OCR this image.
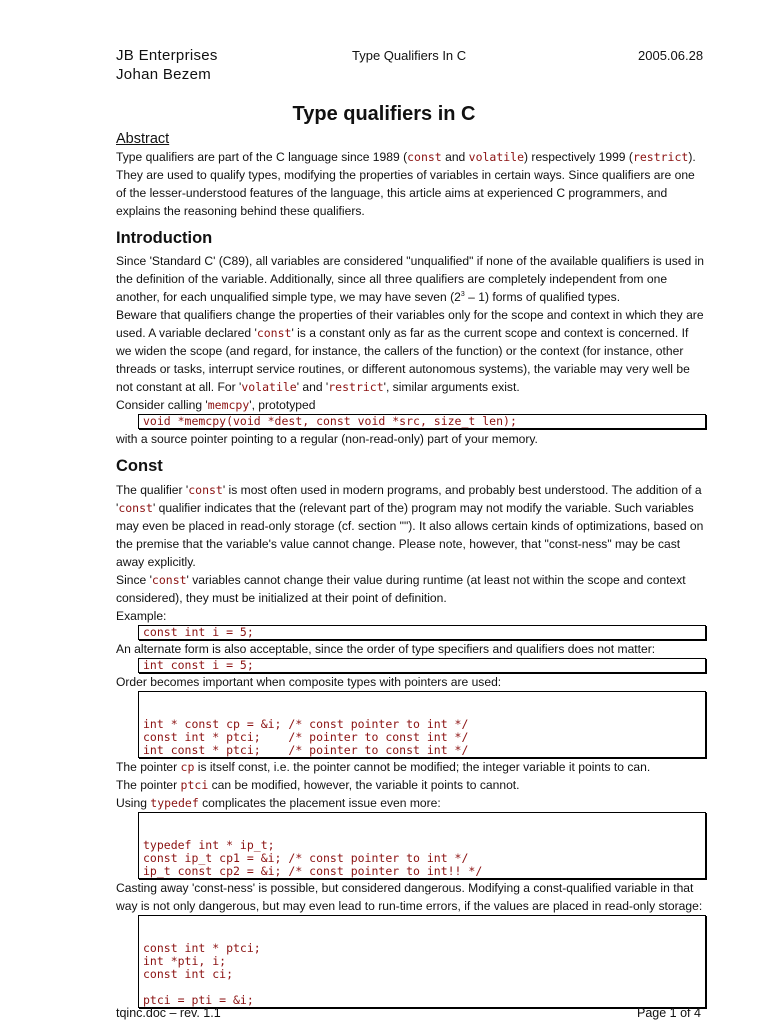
JB Enterprises
Johan Bezem
Type Qualifiers In C	2005.06.28
Type qualifiers in C
Abstract

Type qualifiers are part of the C language since 1989 (const and volatile) respectively 1999 (restrict). They are used to qualify types, modifying the properties of variables in certain ways. Since qualifiers are one of the lesser-understood features of the language, this article aims at experienced C programmers, and explains the reasoning behind these qualifiers.

Introduction

Since 'Standard C' (C89), all variables are considered "unqualified" if none of the available qualifiers is used in the definition of the variable. Additionally, since all three qualifiers are completely independent from one another, for each unqualified simple type, we may have seven $(2^3 - 1)$ forms of qualified types.

Beware that qualifiers change the properties of their variables only for the scope and context in which they are used. A variable declared 'const' is a constant only as far as the current scope and context is concerned. If we widen the scope (and regard, for instance, the callers of the function) or the context (for instance, other threads or tasks, interrupt service routines, or different autonomous systems), the variable may very well be not constant at all. For 'volatile' and 'restrict', similar arguments exist.

Consider calling 'memcpy', prototyped

void *memcpy(void *dest, const void *src, size_t len);

with a source pointer pointing to a regular (non-read-only) part of your memory.

Const

The qualifier 'const' is most often used in modern programs, and probably best understood. The addition of a 'const' qualifier indicates that the (relevant part of the) program may not modify the variable. Such variables may even be placed in read-only storage (cf. section ""). It also allows certain kinds of optimizations, based on the premise that the variable's value cannot change. Please note, however, that "const-ness" may be cast away explicitly.

Since 'const' variables cannot change their value during runtime (at least not within the scope and context considered), they must be initialized at their point of definition.

Example:

const int i = 5;

An alternate form is also acceptable, since the order of type specifiers and qualifiers does not matter:

int const i = 5;

Order becomes important when composite types with pointers are used:

int * const cp = &i; /* const pointer to int */
const int * ptci;    /* pointer to const int */
int const * ptci;    /* pointer to const int */

The pointer cp is itself const, i.e. the pointer cannot be modified; the integer variable it points to can.

The pointer ptci can be modified, however, the variable it points to cannot.

Using typedef complicates the placement issue even more:

typedef int * ip_t;
const ip_t cp1 = &i; /* const pointer to int */
ip_t const cp2 = &i; /* const pointer to int!! */

Casting away 'const-ness' is possible, but considered dangerous. Modifying a const-qualified variable in that way is not only dangerous, but may even lead to run-time errors, if the values are placed in read-only storage:

const int * ptci;
int *pti, i;
const int ci;
ptci = pti = &i;
tqinc.doc – rev. 1.1	Page 1 of 4
